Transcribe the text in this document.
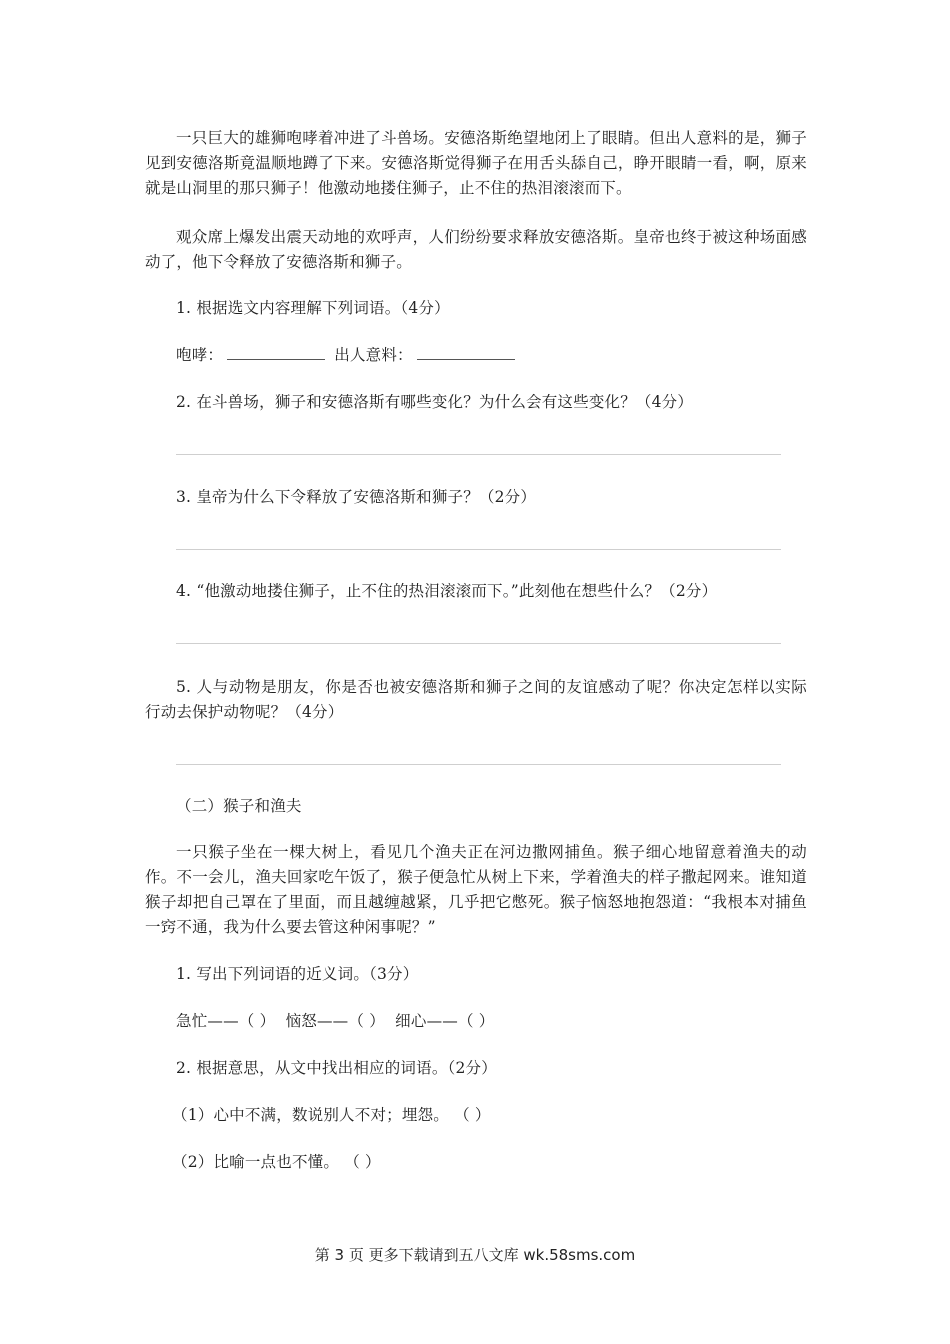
一只巨大的雄狮咆哮着冲进了斗兽场。安德洛斯绝望地闭上了眼睛。但出人意料的是，狮子见到安德洛斯竟温顺地蹲了下来。安德洛斯觉得狮子在用舌头舔自己，睁开眼睛一看，啊，原来就是山洞里的那只狮子！他激动地搂住狮子，止不住的热泪滚滚而下。

观众席上爆发出震天动地的欢呼声，人们纷纷要求释放安德洛斯。皇帝也终于被这种场面感动了，他下令释放了安德洛斯和狮子。

1. 根据选文内容理解下列词语。（4分）

咆哮：	出人意料：

2. 在斗兽场，狮子和安德洛斯有哪些变化？为什么会有这些变化？（4分）

3. 皇帝为什么下令释放了安德洛斯和狮子？（2分）

4. “他激动地搂住狮子，止不住的热泪滚滚而下。”此刻他在想些什么？（2分）

5. 人与动物是朋友，你是否也被安德洛斯和狮子之间的友谊感动了呢？你决定怎样以实际行动去保护动物呢？（4分）

（二）猴子和渔夫

一只猴子坐在一棵大树上，看见几个渔夫正在河边撒网捕鱼。猴子细心地留意着渔夫的动作。不一会儿，渔夫回家吃午饭了，猴子便急忙从树上下来，学着渔夫的样子撒起网来。谁知道猴子却把自己罩在了里面，而且越缠越紧，几乎把它憋死。猴子恼怒地抱怨道：“我根本对捕鱼一窍不通，我为什么要去管这种闲事呢？”

1. 写出下列词语的近义词。（3分）

急忙——（ ）  恼怒——（ ）  细心——（ ）

2. 根据意思，从文中找出相应的词语。（2分）

（1）心中不满，数说别人不对；埋怨。 （ ）

（2）比喻一点也不懂。 （ ）

第 3 页 更多下载请到五八文库 wk.58sms.com
